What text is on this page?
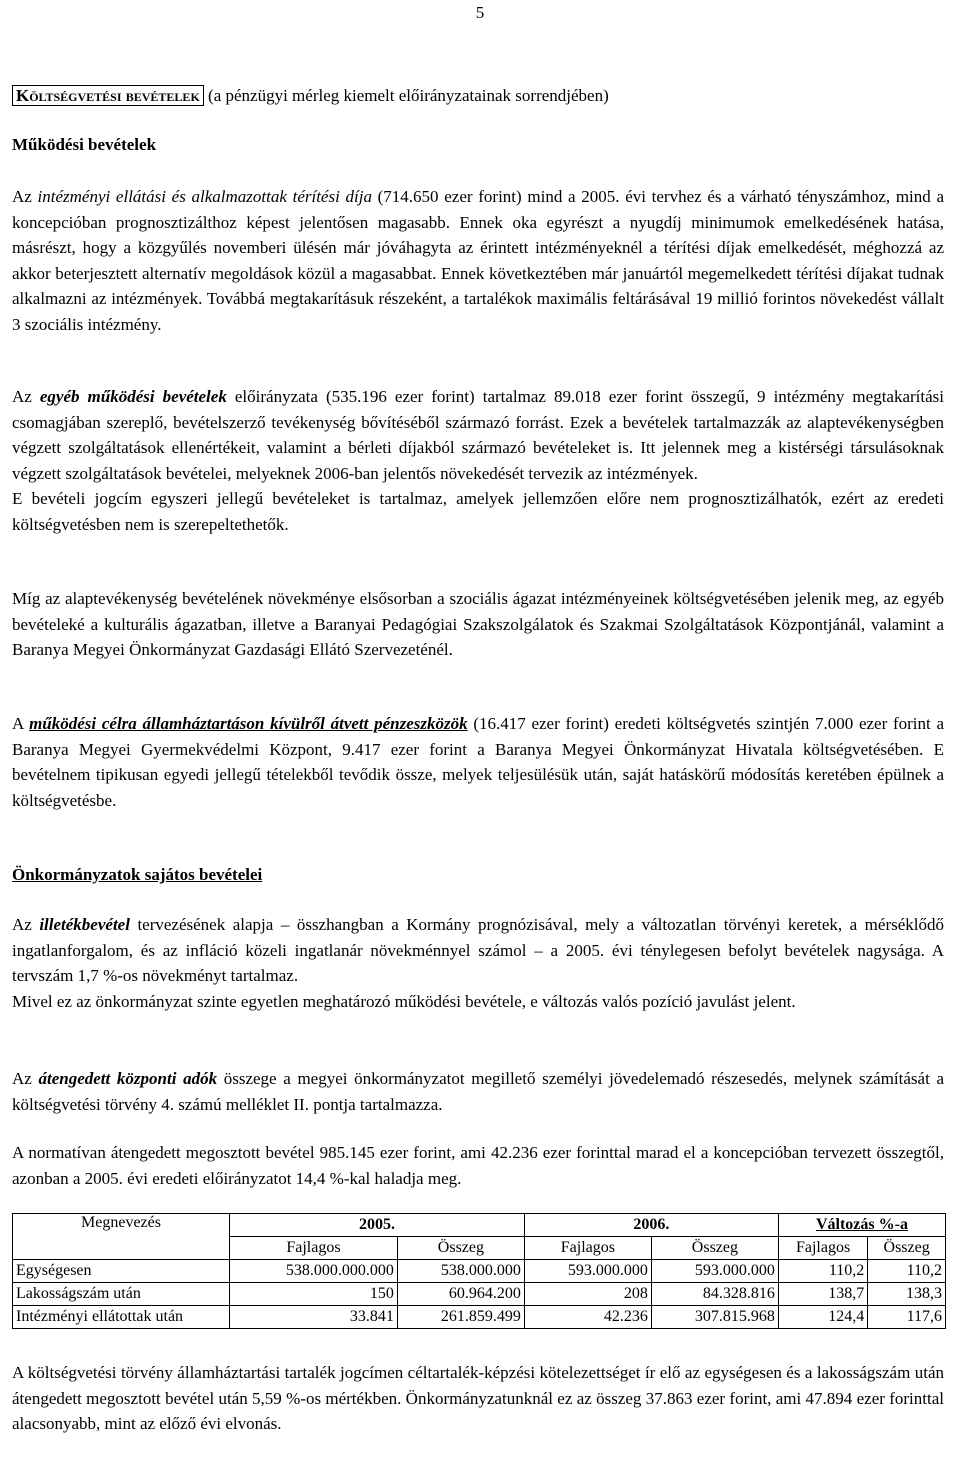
5
Költségvetési bevételek (a pénzügyi mérleg kiemelt előirányzatainak sorrendjében)
Működési bevételek
Az intézményi ellátási és alkalmazottak térítési díja (714.650 ezer forint) mind a 2005. évi tervhez és a várható tényszámhoz, mind a koncepcióban prognosztizálthoz képest jelentősen magasabb. Ennek oka egyrészt a nyugdíj minimumok emelkedésének hatása, másrészt, hogy a közgyűlés novemberi ülésén már jóváhagyta az érintett intézményeknél a térítési díjak emelkedését, méghozzá az akkor beterjesztett alternatív megoldások közül a magasabbat. Ennek következtében már januártól megemelkedett térítési díjakat tudnak alkalmazni az intézmények. Továbbá megtakarításuk részeként, a tartalékok maximális feltárásával 19 millió forintos növekedést vállalt 3 szociális intézmény.
Az egyéb működési bevételek előirányzata (535.196 ezer forint) tartalmaz 89.018 ezer forint összegű, 9 intézmény megtakarítási csomagjában szereplő, bevételszerző tevékenység bővítéséből származó forrást. Ezek a bevételek tartalmazzák az alaptevékenységben végzett szolgáltatások ellenértékeit, valamint a bérleti díjakból származó bevételeket is. Itt jelennek meg a kistérségi társulásoknak végzett szolgáltatások bevételei, melyeknek 2006-ban jelentős növekedését tervezik az intézmények.
E bevételi jogcím egyszeri jellegű bevételeket is tartalmaz, amelyek jellemzően előre nem prognosztizálhatók, ezért az eredeti költségvetésben nem is szerepeltethetők.
Míg az alaptevékenység bevételének növekménye elsősorban a szociális ágazat intézményeinek költségvetésében jelenik meg, az egyéb bevételeké a kulturális ágazatban, illetve a Baranyai Pedagógiai Szakszolgálatok és Szakmai Szolgáltatások Központjánál, valamint a Baranya Megyei Önkormányzat Gazdasági Ellátó Szervezeténél.
A működési célra államháztartáson kívülről átvett pénzeszközök (16.417 ezer forint) eredeti költségvetés szintjén 7.000 ezer forint a Baranya Megyei Gyermekvédelmi Központ, 9.417 ezer forint a Baranya Megyei Önkormányzat Hivatala költségvetésében. E bevételnem tipikusan egyedi jellegű tételekből tevődik össze, melyek teljesülésük után, saját hatáskörű módosítás keretében épülnek a költségvetésbe.
Önkormányzatok sajátos bevételei
Az illetékbevétel tervezésének alapja – összhangban a Kormány prognózisával, mely a változatlan törvényi keretek, a mérséklődő ingatlanforgalom, és az infláció közeli ingatlanár növekménnyel számol – a 2005. évi ténylegesen befolyt bevételek nagysága. A tervszám 1,7 %-os növekményt tartalmaz.
Mivel ez az önkormányzat szinte egyetlen meghatározó működési bevétele, e változás valós pozíció javulást jelent.
Az átengedett központi adók összege a megyei önkormányzatot megillető személyi jövedelemadó részesedés, melynek számítását a költségvetési törvény 4. számú melléklet II. pontja tartalmazza.
A normatívan átengedett megosztott bevétel 985.145 ezer forint, ami 42.236 ezer forinttal marad el a koncepcióban tervezett összegtől, azonban a 2005. évi eredeti előirányzatot 14,4 %-kal haladja meg.
Megnevezés	2005.		2006.		Változás %-a	
	Fajlagos	Összeg	Fajlagos	Összeg	Fajlagos	Összeg
Egységesen	538.000.000.000	538.000.000	593.000.000	593.000.000	110,2	110,2
Lakosságszám után	150	60.964.200	208	84.328.816	138,7	138,3
Intézményi ellátottak után	33.841	261.859.499	42.236	307.815.968	124,4	117,6
A költségvetési törvény államháztartási tartalék jogcímen céltartalék-képzési kötelezettséget ír elő az egységesen és a lakosságszám után átengedett megosztott bevétel után 5,59 %-os mértékben. Önkormányzatunknál ez az összeg 37.863 ezer forint, ami 47.894 ezer forinttal alacsonyabb, mint az előző évi elvonás.
